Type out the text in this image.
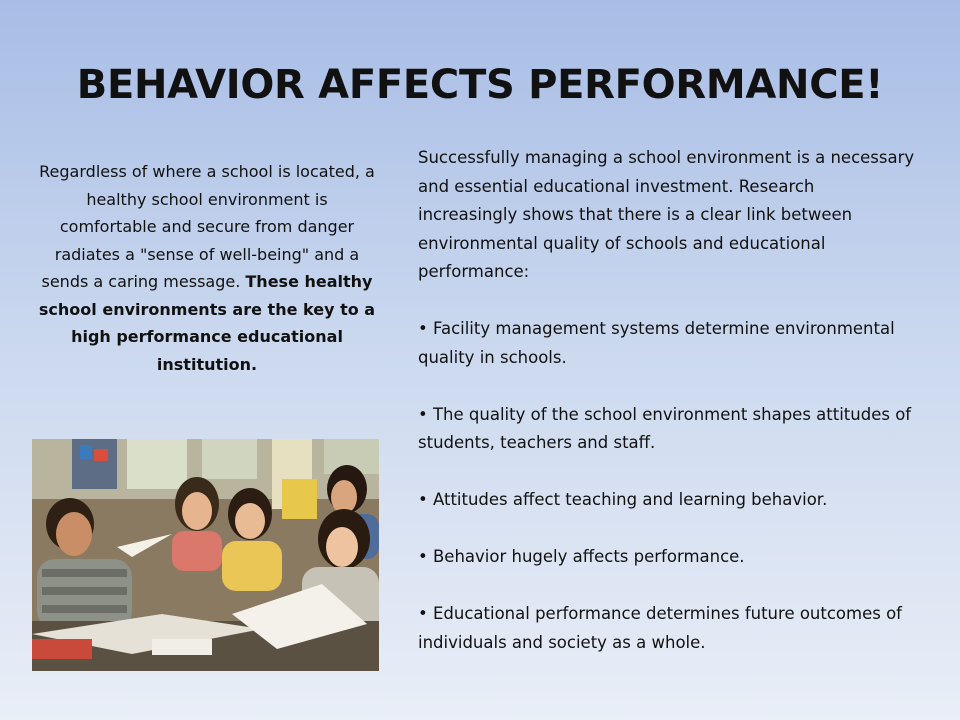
BEHAVIOR AFFECTS PERFORMANCE!
Regardless of where a school is located, a healthy school environment is comfortable and secure from danger radiates a "sense of well-being" and a sends a caring message. These healthy school environments are the key to a high performance educational institution.

Successfully managing a school environment is a necessary and essential educational investment. Research increasingly shows that there is a clear link between environmental quality of schools and educational performance:

• Facility management systems determine environmental quality in schools.

• The quality of the school environment shapes attitudes of students, teachers and staff.

• Attitudes affect teaching and learning behavior.

• Behavior hugely affects performance.

• Educational performance determines future outcomes of individuals and society as a whole.
